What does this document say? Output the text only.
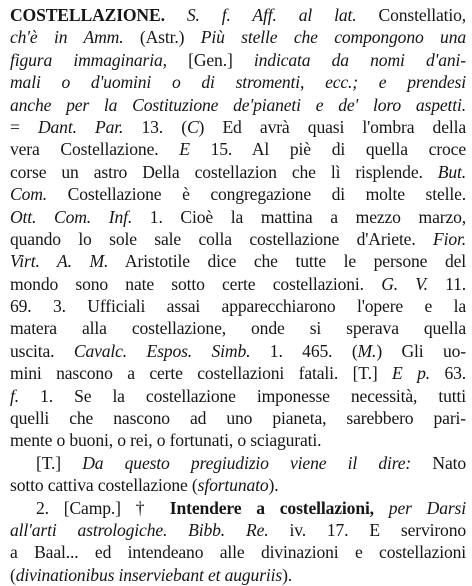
COSTELLAZIONE. S. f. Aff. al lat. Constellatio,
ch'è in Amm. (Astr.) Più stelle che compongono una
figura immaginaria, [Gen.] indicata da nomi d'ani-
mali o d'uomini o di stromenti, ecc.; e prendesi
anche per la Costituzione de'pianeti e de' loro aspetti.
= Dant. Par. 13. (C) Ed avrà quasi l'ombra della
vera Costellazione. E 15. Al piè di quella croce
corse un astro Della costellazion che lì risplende. But.
Com. Costellazione è congregazione di molte stelle.
Ott. Com. Inf. 1. Cioè la mattina a mezzo marzo,
quando lo sole sale colla costellazione d'Ariete. Fior.
Virt. A. M. Aristotile dice che tutte le persone del
mondo sono nate sotto certe costellazioni. G. V. 11.
69. 3. Ufficiali assai apparecchiarono l'opere e la
matera alla costellazione, onde si sperava quella
uscita. Cavalc. Espos. Simb. 1. 465. (M.) Gli uo-
mini nascono a certe costellazioni fatali. [T.] E p. 63.
f. 1. Se la costellazione imponesse necessità, tutti
quelli che nascono ad uno pianeta, sarebbero pari-
mente o buoni, o rei, o fortunati, o sciagurati.
[T.] Da questo pregiudizio viene il dire: Nato
sotto cattiva costellazione (sfortunato).
2. [Camp.] † Intendere a costellazioni, per Darsi
all'arti astrologiche. Bibb. Re. iv. 17. E servirono
a Baal... ed intendeano alle divinazioni e costellazioni
(divinationibus inserviebant et auguriis).
